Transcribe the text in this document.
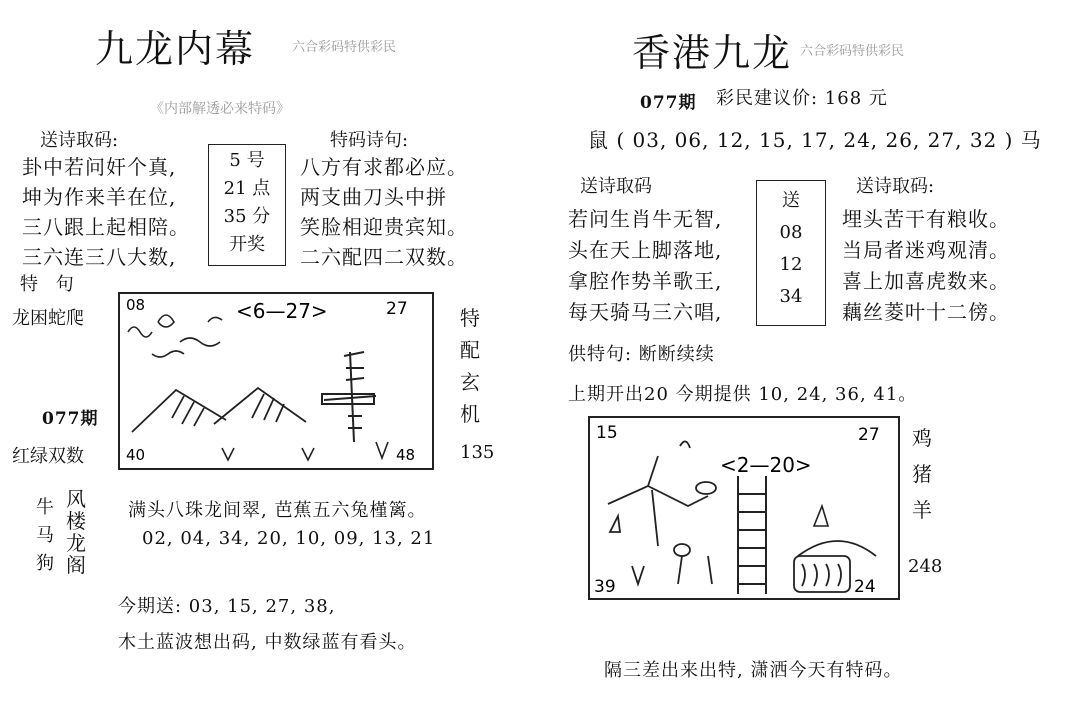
九龙内幕	六合彩码特供彩民
《内部解透必来特码》
送诗取码:	特码诗句:
卦中若问奸个真,
坤为作来羊在位,
三八跟上起相陪。
三六连三八大数,
5 号
21 点
35 分
开奖
八方有求都必应。
两支曲刀头中拼
笑脸相迎贵宾知。
二六配四二双数。
特 句
龙困蛇爬
077期
红绿双数
08	27
<6—27>
40	48
特
配
玄
机
135
牛
马
狗
风
楼
龙
阁
满头八珠龙间翠, 芭蕉五六兔槿篱。
02, 04, 34, 20, 10, 09, 13, 21
今期送: 03, 15, 27, 38,
木土蓝波想出码, 中数绿蓝有看头。
香港九龙 六合彩码特供彩民
077期 彩民建议价: 168 元
鼠 ( 03, 06, 12, 15, 17, 24, 26, 27, 32 ) 马
送诗取码	送诗取码:
若问生肖牛无智,
头在天上脚落地,
拿腔作势羊歌王,
每天骑马三六唱,
送
08
12
34
埋头苦干有粮收。
当局者迷鸡观清。
喜上加喜虎数来。
藕丝菱叶十二傍。
供特句: 断断续续
上期开出20 今期提供 10, 24, 36, 41。
15	27
<2—20>
39	24
鸡
猪
羊
248
隔三差出来出特, 潇洒今天有特码。
